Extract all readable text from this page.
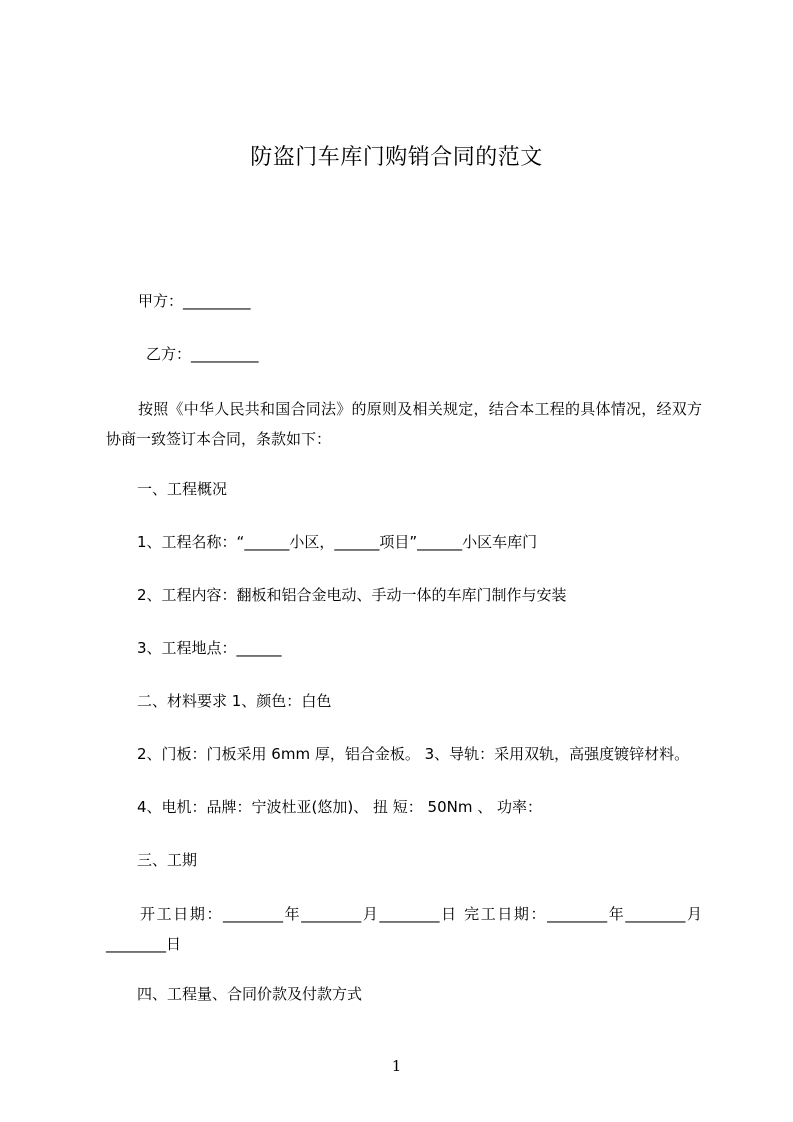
防盗门车库门购销合同的范文
甲方：_________
乙方：_________
按照《中华人民共和国合同法》的原则及相关规定，结合本工程的具体情况，经双方协商一致签订本合同，条款如下：
一、工程概况
1、工程名称：“______小区，______项目”______小区车库门
2、工程内容：翻板和铝合金电动、手动一体的车库门制作与安装
3、工程地点：______
二、材料要求 1、颜色：白色
2、门板：门板采用 6mm 厚，铝合金板。 3、导轨：采用双轨，高强度镀锌材料。
4、电机：品牌：宁波杜亚(悠加)、 扭 短： 50Nm 、 功率：
三、工期
开工日期：________年________月________日 完工日期：________年________月________日
四、工程量、合同价款及付款方式
1
